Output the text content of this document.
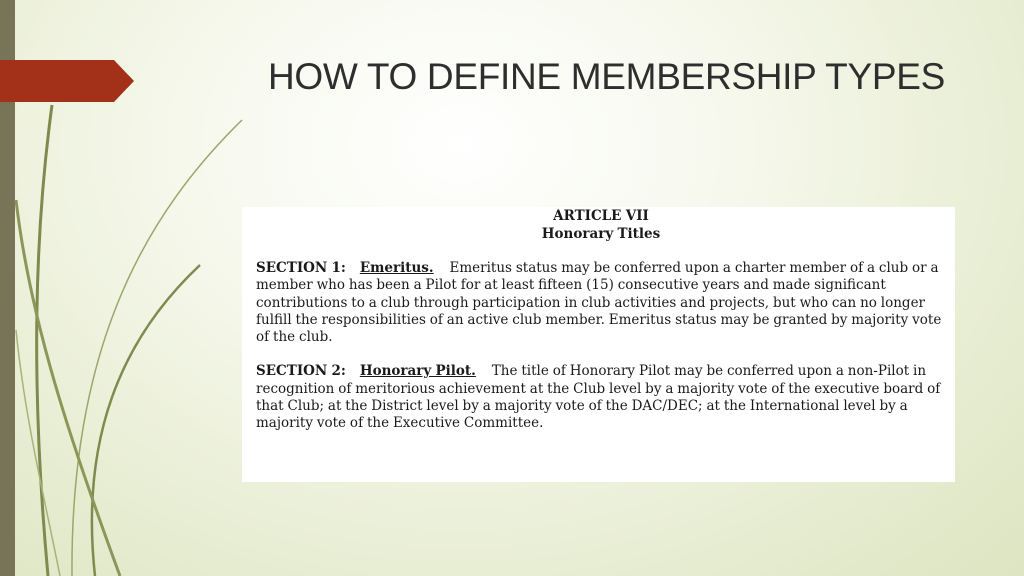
HOW TO DEFINE MEMBERSHIP TYPES
ARTICLE VII
Honorary Titles

SECTION 1: Emeritus. Emeritus status may be conferred upon a charter member of a club or a member who has been a Pilot for at least fifteen (15) consecutive years and made significant contributions to a club through participation in club activities and projects, but who can no longer fulfill the responsibilities of an active club member. Emeritus status may be granted by majority vote of the club.

SECTION 2: Honorary Pilot. The title of Honorary Pilot may be conferred upon a non-Pilot in recognition of meritorious achievement at the Club level by a majority vote of the executive board of that Club; at the District level by a majority vote of the DAC/DEC; at the International level by a majority vote of the Executive Committee.
